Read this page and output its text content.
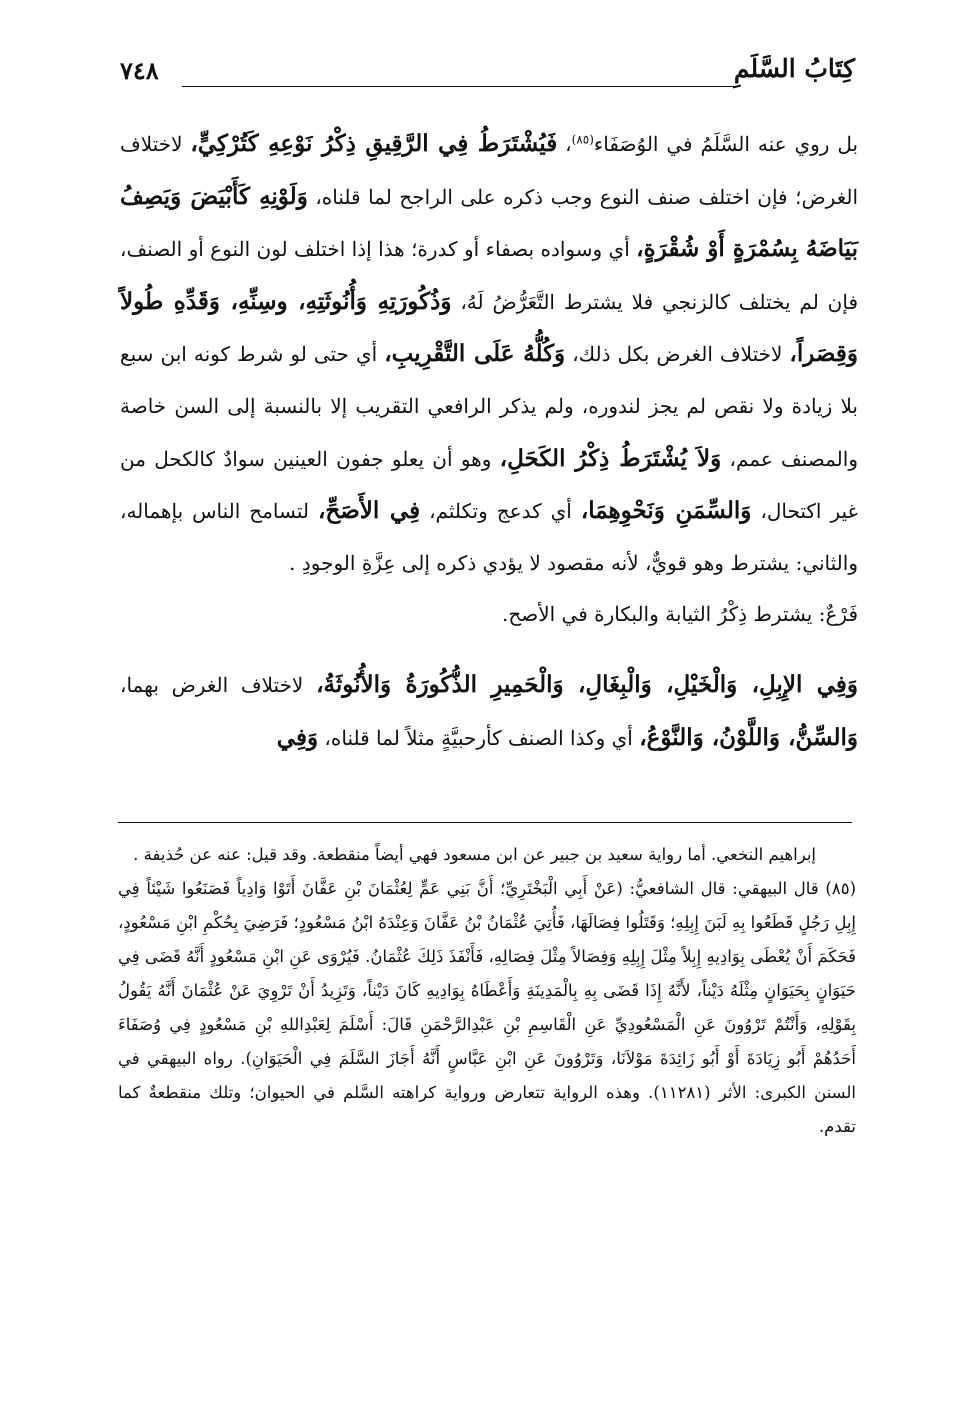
٧٤٨	كِتَابُ السَّلَمِ

بل روي عنه السَّلَمُ في الوُصَفَاء$^{(٨٥)}$، فَيُشْتَرَطُ فِي الرَّقِيقِ ذِكْرُ نَوْعِهِ كَتُرْكِيٍّ، لاختلاف الغرض؛ فإن اختلف صنف النوع وجب ذكره على الراجح لما قلناه، وَلَوْنِهِ كَأَبْيَضَ وَيَصِفُ بَيَاضَهُ بِسُمْرَةٍ أَوْ شُقْرَةٍ، أي وسواده بصفاء أو كدرة؛ هذا إذا اختلف لون النوع أو الصنف، فإن لم يختلف كالزنجي فلا يشترط التَّعَرُّضُ لَهُ، وَذُكُورَتِهِ وَأُنُوثَتِهِ، وسِنِّهِ، وَقَدِّهِ طُولاً وَقِصَراً، لاختلاف الغرض بكل ذلك، وَكُلُّهُ عَلَى التَّقْرِيبِ، أي حتى لو شرط كونه ابن سبع بلا زيادة ولا نقص لم يجز لندوره، ولم يذكر الرافعي التقريب إلا بالنسبة إلى السن خاصة والمصنف عمم، وَلاَ يُشْتَرَطُ ذِكْرُ الكَحَلِ، وهو أن يعلو جفون العينين سوادٌ كالكحل من غير اكتحال، وَالسِّمَنِ وَنَحْوِهِمَا، أي كدعج وتكلثم، فِي الأَصَحِّ، لتسامح الناس بإهماله، والثاني: يشترط وهو قويٌّ، لأنه مقصود لا يؤدي ذكره إلى عِزَّةِ الوجودِ .

فَرْعٌ: يشترط ذِكْرُ الثيابة والبكارة في الأصح.

وَفِي الإِبِلِ، وَالْخَيْلِ، وَالْبِغَالِ، وَالْحَمِيرِ الذُّكُورَةُ وَالأُنُوثَةُ، لاختلاف الغرض بهما، وَالسِّنُّ، وَاللَّوْنُ، وَالنَّوْعُ، أي وكذا الصنف كأرحبيَّةٍ مثلاً لما قلناه، وَفِي

إبراهيم النخعي. أما رواية سعيد بن جبير عن ابن مسعود فهي أيضاً منقطعة. وقد قيل: عنه عن حُذيفة .

(٨٥) قال البيهقي: قال الشافعيُّ: (عَنْ أَبِي الْبَخْتَرِيِّ؛ أَنَّ بَنِي عَمٍّ لِعُثْمَانَ بْنِ عَفَّانَ أَتَوْا وَادِياً فَصَنَعُوا شَيْئاً فِي إِبِلِ رَجُلٍ قَطَعُوا بِهِ لَبَنَ إِبِلِهِ؛ وَقَتَلُوا فِصَالَهَا، فَأُتِيَ عُثْمَانُ بْنُ عَفَّانَ وَعِنْدَهُ ابْنُ مَسْعُودٍ؛ فَرَضِيَ بِحُكْمِ ابْنِ مَسْعُودٍ، فَحَكَمَ أَنْ يُعْطَى بِوَادِيهِ إِبِلاً مِثْلَ إِبِلِهِ وَفِصَالاً مِثْلَ فِصَالِهِ، فَأَنْفَذَ ذَلِكَ عُثْمَانُ. فَيُرْوَى عَنِ ابْنِ مَسْعُودٍ أَنَّهُ قَضَى فِي حَيَوَانٍ بِحَيَوَانٍ مِثْلَهُ دَيْناً، لأَنَّهُ إِذَا قَضَى بِهِ بِالْمَدِينَةِ وَأَعْطَاهُ بِوَادِيهِ كَانَ دَيْناً، وَتَزِيدُ أَنْ تَرْوِيَ عَنْ عُثْمَانَ أَنَّهُ يَقُولُ بِقَوْلِهِ، وَأَنْتُمْ تَرْوُونَ عَنِ الْمَسْعُودِيِّ عَنِ الْقَاسِمِ بْنِ عَبْدِالرَّحْمَنِ قَالَ: أَسْلَمَ لِعَبْدِاللهِ بْنِ مَسْعُودٍ فِي وُصَفَاءَ أَحَدُهُمْ أَبُو زِيَادَةَ أَوْ أَبُو زَائِدَةَ مَوْلاَنَا، وَتَرْوُونَ عَنِ ابْنِ عَبَّاسٍ أَنَّهُ أَجَازَ السَّلَمَ فِي الْحَيَوَانِ). رواه البيهقي في السنن الكبرى: الأثر (١١٢٨١). وهذه الرواية تتعارض ورواية كراهته السَّلم في الحيوان؛ وتلك منقطعةٌ كما تقدم.
